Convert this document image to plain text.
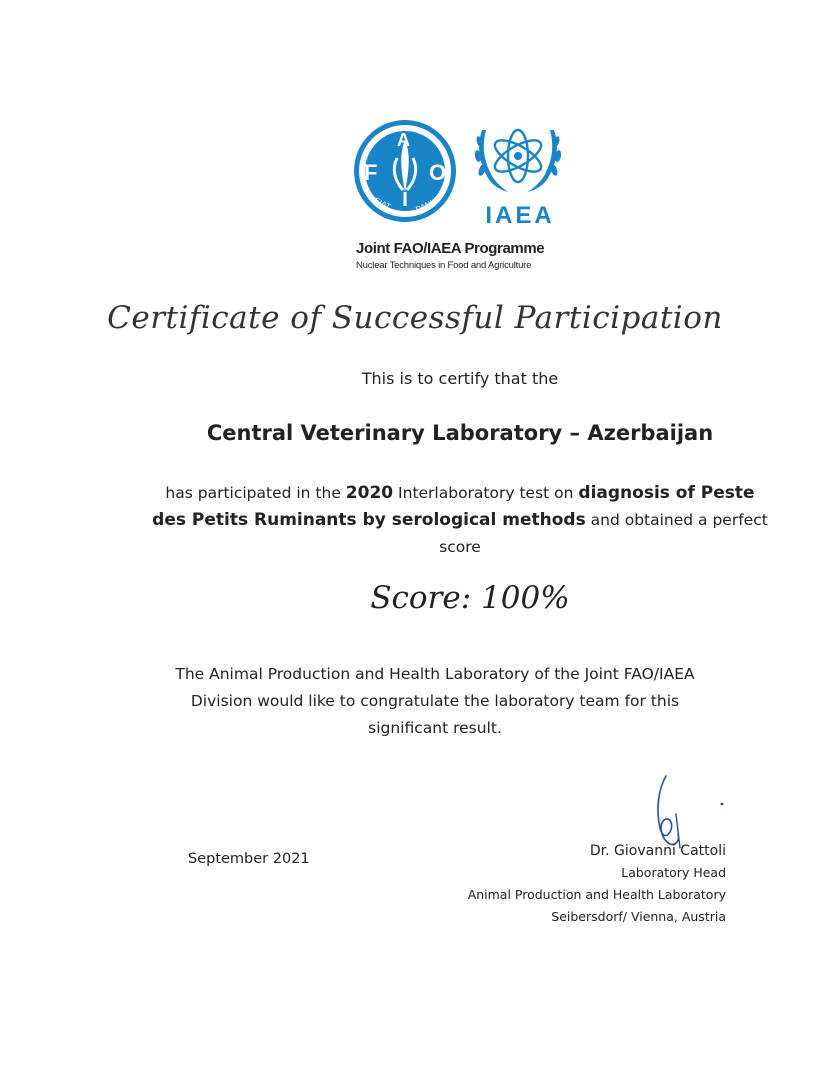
F
A
O
FIAT	PANIS IAEA
Joint FAO/IAEA Programme
Nuclear Techniques in Food and Agriculture
Certificate of Successful Participation
This is to certify that the
Central Veterinary Laboratory – Azerbaijan
has participated in the 2020 Interlaboratory test on diagnosis of Peste des Petits Ruminants by serological methods and obtained a perfect score
Score: 100%
The Animal Production and Health Laboratory of the Joint FAO/IAEA Division would like to congratulate the laboratory team for this significant result.
September 2021	Dr. Giovanni Cattoli
Laboratory Head
Animal Production and Health Laboratory
Seibersdorf/ Vienna, Austria
